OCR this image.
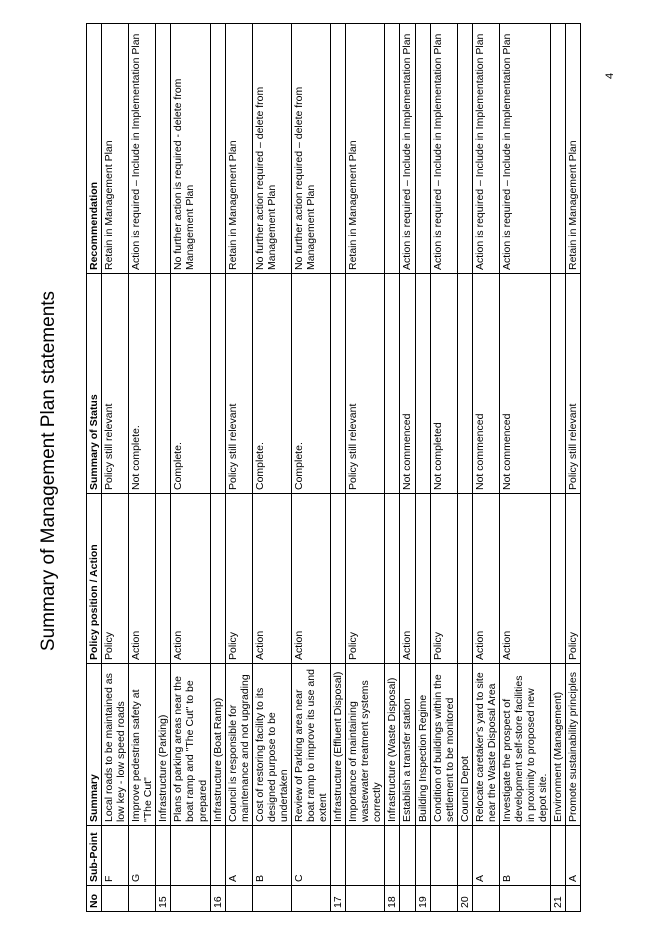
Summary of Management Plan statements
No	Sub-Point	Summary	Policy position / Action	Summary of Status	Recommendation
	F	Local roads to be maintained as low key - low speed roads	Policy	Policy still relevant	Retain in Management Plan
	G	Improve pedestrian safety at "The Cut"	Action	Not complete.	Action is required – Include in Implementation Plan
15		Infrastructure (Parking)			
		Plans of parking areas near the boat ramp and "The Cut" to be prepared	Action	Complete.	No further action is required - delete from Management Plan
16		Infrastructure (Boat Ramp)			
	A	Council is responsible for maintenance and not upgrading	Policy	Policy still relevant	Retain in Management Plan
	B	Cost of restoring facility to its designed purpose to be undertaken	Action	Complete.	No further action required – delete from Management Plan
	C	Review of Parking area near boat ramp to improve its use and extent	Action	Complete.	No further action required – delete from Management Plan
17		Infrastructure (Effluent Disposal)			
		Importance of maintaining wastewater treatment systems correctly	Policy	Policy still relevant	Retain in Management Plan
18		Infrastructure (Waste Disposal)			
		Establish a transfer station	Action	Not commenced	Action is required – Include in Implementation Plan
19		Building Inspection Regime			
		Condition of buildings within the settlement to be monitored	Policy	Not completed	Action is required – Include in Implementation Plan
20		Council Depot			
	A	Relocate caretaker's yard to site near the Waste Disposal Area	Action	Not commenced	Action is required – Include in Implementation Plan
	B	Investigate the prospect of development self-store facilities in proximity to proposed new depot site.	Action	Not commenced	Action is required – Include in Implementation Plan
21		Environment (Management)			
	A	Promote sustainability principles	Policy	Policy still relevant	Retain in Management Plan
4
